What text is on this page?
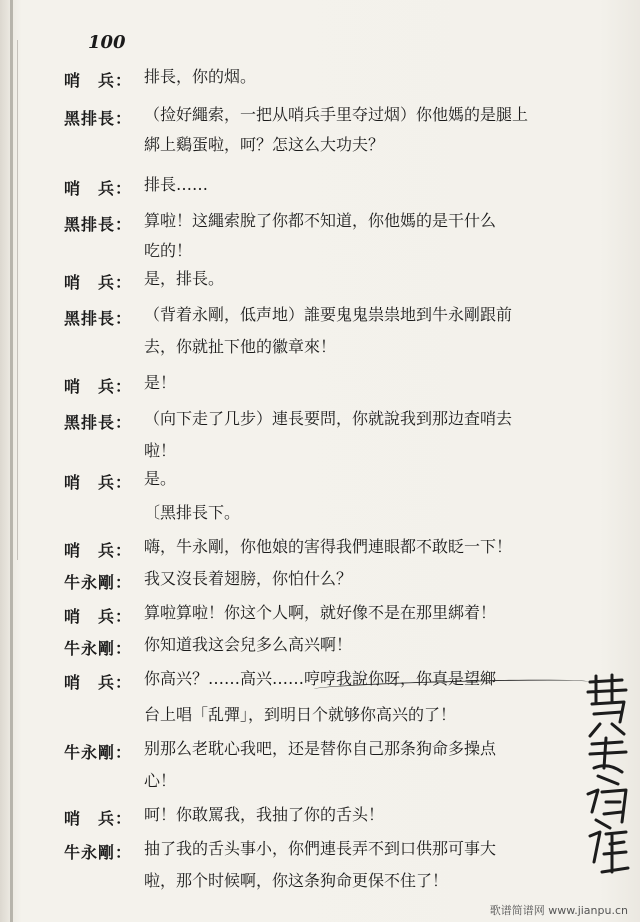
100
哨　兵： 排長，你的烟。
黑排長： （捡好繩索，一把从哨兵手里夺过烟）你他媽的是腿上
綁上鷄蛋啦，呵？怎这么大功夫？
哨　兵： 排長……
黑排長： 算啦！这繩索脫了你都不知道，你他媽的是干什么
吃的！
哨　兵： 是，排長。
黑排長： （背着永剛，低声地）誰要鬼鬼祟祟地到牛永剛跟前
去，你就扯下他的徽章來！
哨　兵： 是！
黑排長： （向下走了几步）連長要問，你就說我到那边査哨去
啦！
哨　兵： 是。
〔黑排長下。
哨　兵： 嗨，牛永剛，你他娘的害得我們連眼都不敢眨一下！
牛永剛： 我又沒長着翅膀，你怕什么？
哨　兵： 算啦算啦！你这个人啊，就好像不是在那里綁着！
牛永剛： 你知道我这会兒多么高兴啊！
哨　兵： 你高兴？……高兴……哼哼我說你呀，你真是望鄉
台上唱「乱彈」，到明日个就够你高兴的了！
牛永剛： 别那么老耽心我吧，还是替你自己那条狗命多操点
心！
哨　兵： 呵！你敢罵我，我抽了你的舌头！
牛永剛： 抽了我的舌头事小，你們連長弄不到口供那可事大
啦，那个时候啊，你这条狗命更保不住了！
歌谱简谱网 www.jianpu.cn
